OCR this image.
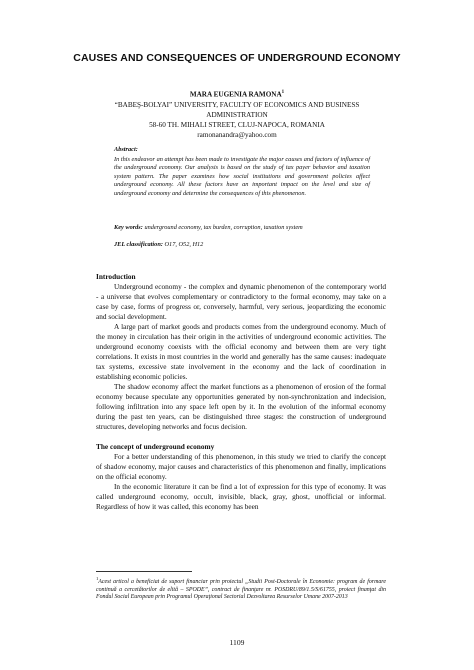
CAUSES AND CONSEQUENCES OF UNDERGROUND ECONOMY
MARA EUGENIA RAMONA$^1$
“BABEŞ-BOLYAI” UNIVERSITY, FACULTY OF ECONOMICS AND BUSINESS
ADMINISTRATION
58-60 TH. MIHALI STREET, CLUJ-NAPOCA, ROMANIA
ramonanandra@yahoo.com
Abstract:
In this endeavor an attempt has been made to investigate the major causes and factors of influence of the underground economy. Our analysis is based on the study of tax payer behavior and taxation system pattern. The paper examines how social institutions and government policies affect underground economy. All these factors have an important impact on the level and size of underground economy and determine the consequences of this phenomenon.
Key words: underground economy, tax burden, corruption, taxation system
JEL classification: O17, O52, H12
Introduction

Underground economy - the complex and dynamic phenomenon of the contemporary world - a universe that evolves complementary or contradictory to the formal economy, may take on a case by case, forms of progress or, conversely, harmful, very serious, jeopardizing the economic and social development.

A large part of market goods and products comes from the underground economy. Much of the money in circulation has their origin in the activities of underground economic activities. The underground economy coexists with the official economy and between them are very tight correlations. It exists in most countries in the world and generally has the same causes: inadequate tax systems, excessive state involvement in the economy and the lack of coordination in establishing economic policies.

The shadow economy affect the market functions as a phenomenon of erosion of the formal economy because speculate any opportunities generated by non-synchronization and indecision, following infiltration into any space left open by it. In the evolution of the informal economy during the past ten years, can be distinguished three stages: the construction of underground structures, developing networks and focus decision.

The concept of underground economy

For a better understanding of this phenomenon, in this study we tried to clarify the concept of shadow economy, major causes and characteristics of this phenomenon and finally, implications on the official economy.

In the economic literature it can be find a lot of expression for this type of economy. It was called underground economy, occult, invisible, black, gray, ghost, unofficial or informal. Regardless of how it was called, this economy has been

$^1$Acest articol a beneficiat de suport financiar prin proiectul „Studii Post-Doctorale în Economie: program de formare continuă a cercetătorilor de elită – SPODE”, contract de finanţare nr. POSDRU/89/1.5/S/61755, proiect finanţat din Fondul Social European prin Programul Operaţional Sectorial Dezvoltarea Resurselor Umane 2007-2013
1109
